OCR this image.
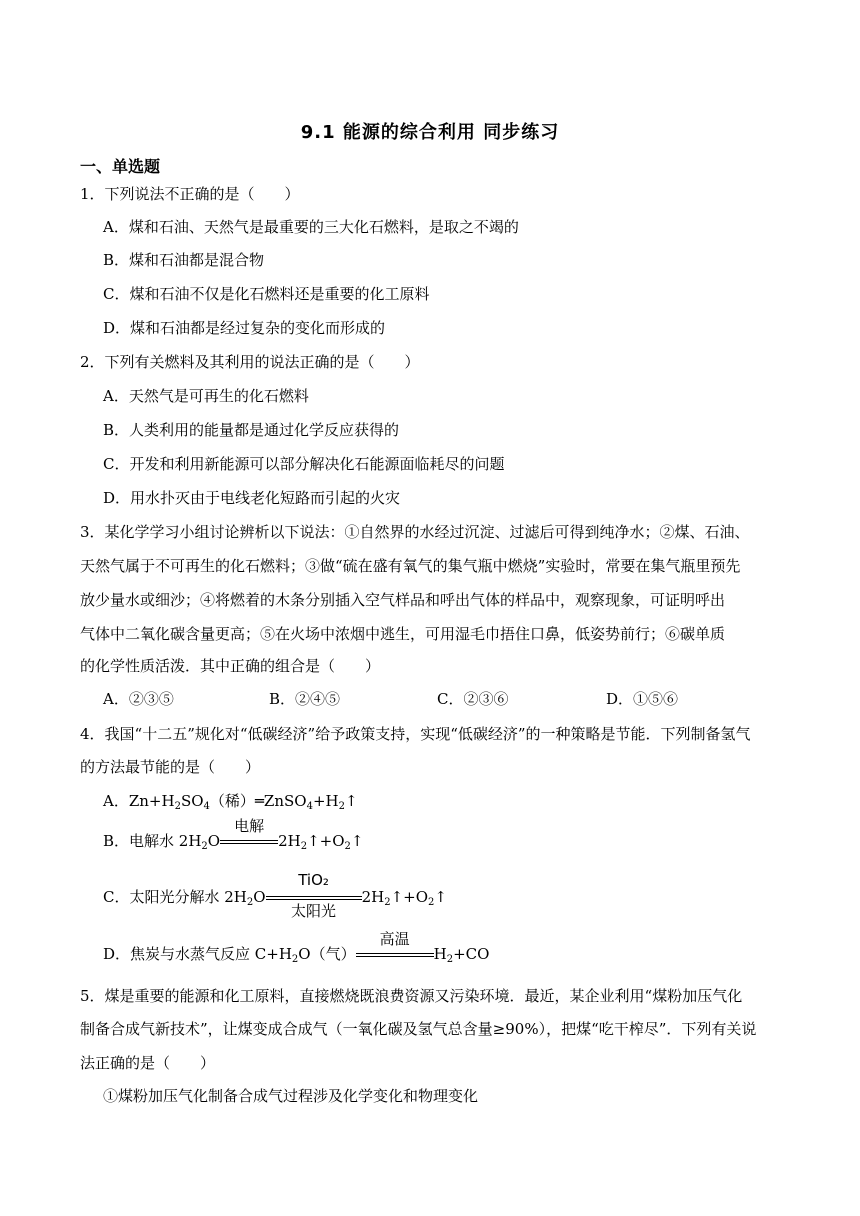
9.1 能源的综合利用 同步练习
一、单选题
1．下列说法不正确的是（　　）
A．煤和石油、天然气是最重要的三大化石燃料，是取之不竭的
B．煤和石油都是混合物
C．煤和石油不仅是化石燃料还是重要的化工原料
D．煤和石油都是经过复杂的变化而形成的
2．下列有关燃料及其利用的说法正确的是（　　）
A．天然气是可再生的化石燃料
B．人类利用的能量都是通过化学反应获得的
C．开发和利用新能源可以部分解决化石能源面临耗尽的问题
D．用水扑灭由于电线老化短路而引起的火灾
3．某化学学习小组讨论辨析以下说法：①自然界的水经过沉淀、过滤后可得到纯净水；②煤、石油、
天然气属于不可再生的化石燃料；③做“硫在盛有氧气的集气瓶中燃烧”实验时，常要在集气瓶里预先
放少量水或细沙；④将燃着的木条分别插入空气样品和呼出气体的样品中，观察现象，可证明呼出
气体中二氧化碳含量更高；⑤在火场中浓烟中逃生，可用湿毛巾捂住口鼻，低姿势前行；⑥碳单质
的化学性质活泼．其中正确的组合是（　　）
A．②③⑤	B．②④⑤	C．②③⑥	D．①⑤⑥
4．我国“十二五”规化对“低碳经济”给予政策支持，实现“低碳经济”的一种策略是节能．下列制备氢气
的方法最节能的是（　　）
A．$Zn+H_2SO_4$（稀）$═ZnSO_4+H_2↑$
B．电解水 $2H_2O$
电解
$2H_2↑+O_2↑$
C．太阳光分解水 $2H_2O$
TiO₂
太阳光
$2H_2↑+O_2↑$
D．焦炭与水蒸气反应 $C+H_2O$（气）
高温
$H_2+CO$
5．煤是重要的能源和化工原料，直接燃烧既浪费资源又污染环境．最近，某企业利用“煤粉加压气化
制备合成气新技术”，让煤变成合成气（一氧化碳及氢气总含量≥90%），把煤“吃干榨尽”．下列有关说
法正确的是（　　）
①煤粉加压气化制备合成气过程涉及化学变化和物理变化
